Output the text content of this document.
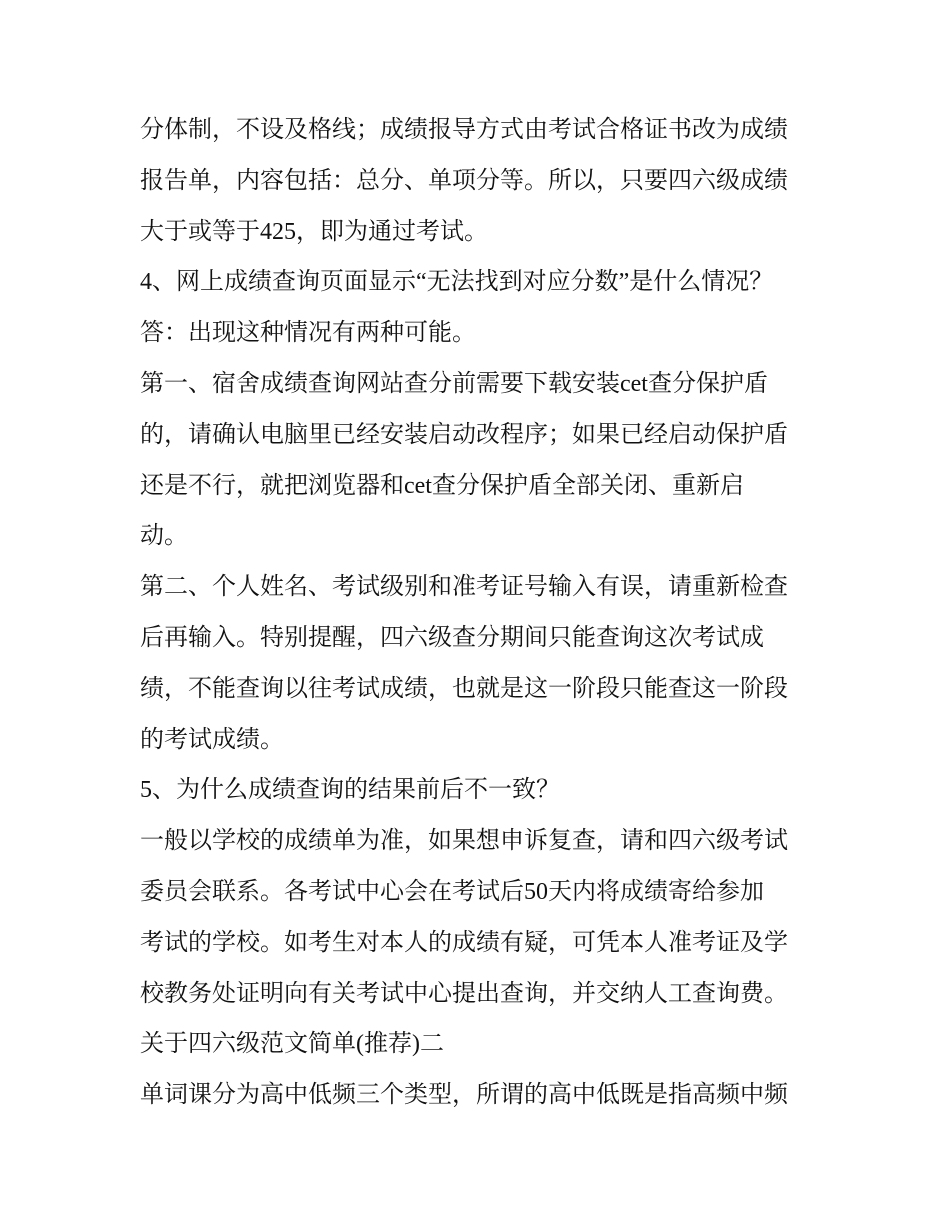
分体制，不设及格线；成绩报导方式由考试合格证书改为成绩
报告单，内容包括：总分、单项分等。所以，只要四六级成绩
大于或等于425，即为通过考试。
4、网上成绩查询页面显示“无法找到对应分数”是什么情况？
答：出现这种情况有两种可能。
第一、宿舍成绩查询网站查分前需要下载安装cet查分保护盾
的，请确认电脑里已经安装启动改程序；如果已经启动保护盾
还是不行，就把浏览器和cet查分保护盾全部关闭、重新启
动。
第二、个人姓名、考试级别和准考证号输入有误，请重新检查
后再输入。特别提醒，四六级查分期间只能查询这次考试成
绩，不能查询以往考试成绩，也就是这一阶段只能查这一阶段
的考试成绩。
5、为什么成绩查询的结果前后不一致？
一般以学校的成绩单为准，如果想申诉复查，请和四六级考试
委员会联系。各考试中心会在考试后50天内将成绩寄给参加
考试的学校。如考生对本人的成绩有疑，可凭本人准考证及学
校教务处证明向有关考试中心提出查询，并交纳人工查询费。
关于四六级范文简单(推荐)二
单词课分为高中低频三个类型，所谓的高中低既是指高频中频
